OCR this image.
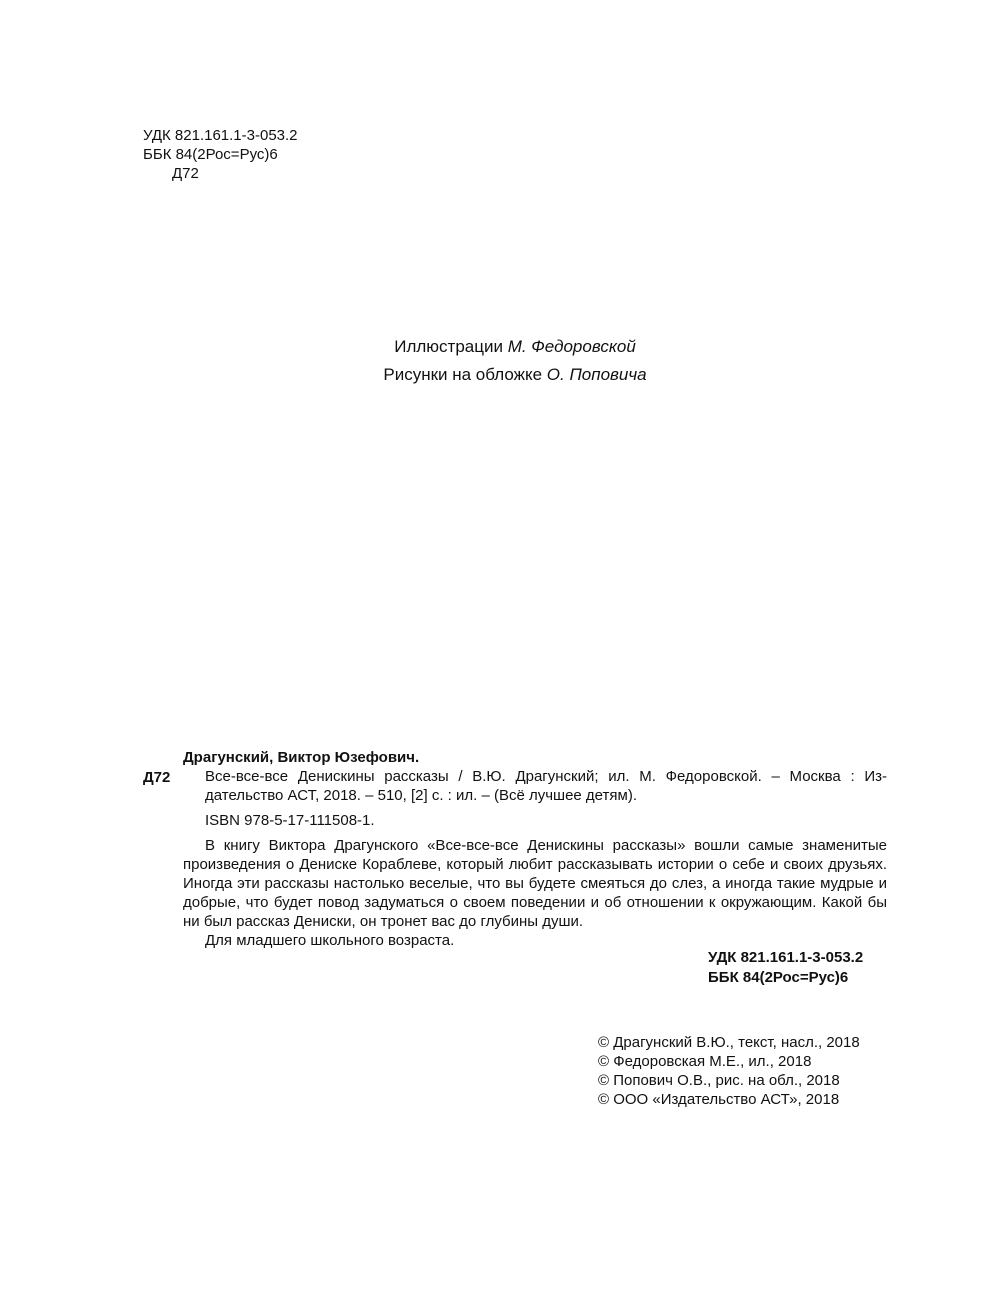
УДК 821.161.1-3-053.2
ББК 84(2Рос=Рус)6
Д72
Иллюстрации М. Федоровской
Рисунки на обложке О. Поповича
Д72

Драгунский, Виктор Юзефович.

Все-все-все Денискины рассказы / В.Ю. Драгунский; ил. М. Федоровской. – Москва : Из-

дательство АСТ, 2018. – 510, [2] с. : ил. – (Всё лучшее детям).

ISBN 978-5-17-111508-1.

В книгу Виктора Драгунского «Все-все-все Денискины рассказы» вошли самые знаменитые произведения о Дениске Кораблеве, который любит рассказывать истории о себе и своих друзьях. Иногда эти рассказы настолько веселые, что вы будете смеяться до слез, а иногда такие мудрые и добрые, что будет повод задуматься о своем поведении и об отношении к окружающим. Какой бы ни был рассказ Дениски, он тронет вас до глубины души.

Для младшего школьного возраста.

УДК 821.161.1-3-053.2
ББК 84(2Рос=Рус)6
© Драгунский В.Ю., текст, насл., 2018
© Федоровская М.Е., ил., 2018
© Попович О.В., рис. на обл., 2018
© ООО «Издательство АСТ», 2018
